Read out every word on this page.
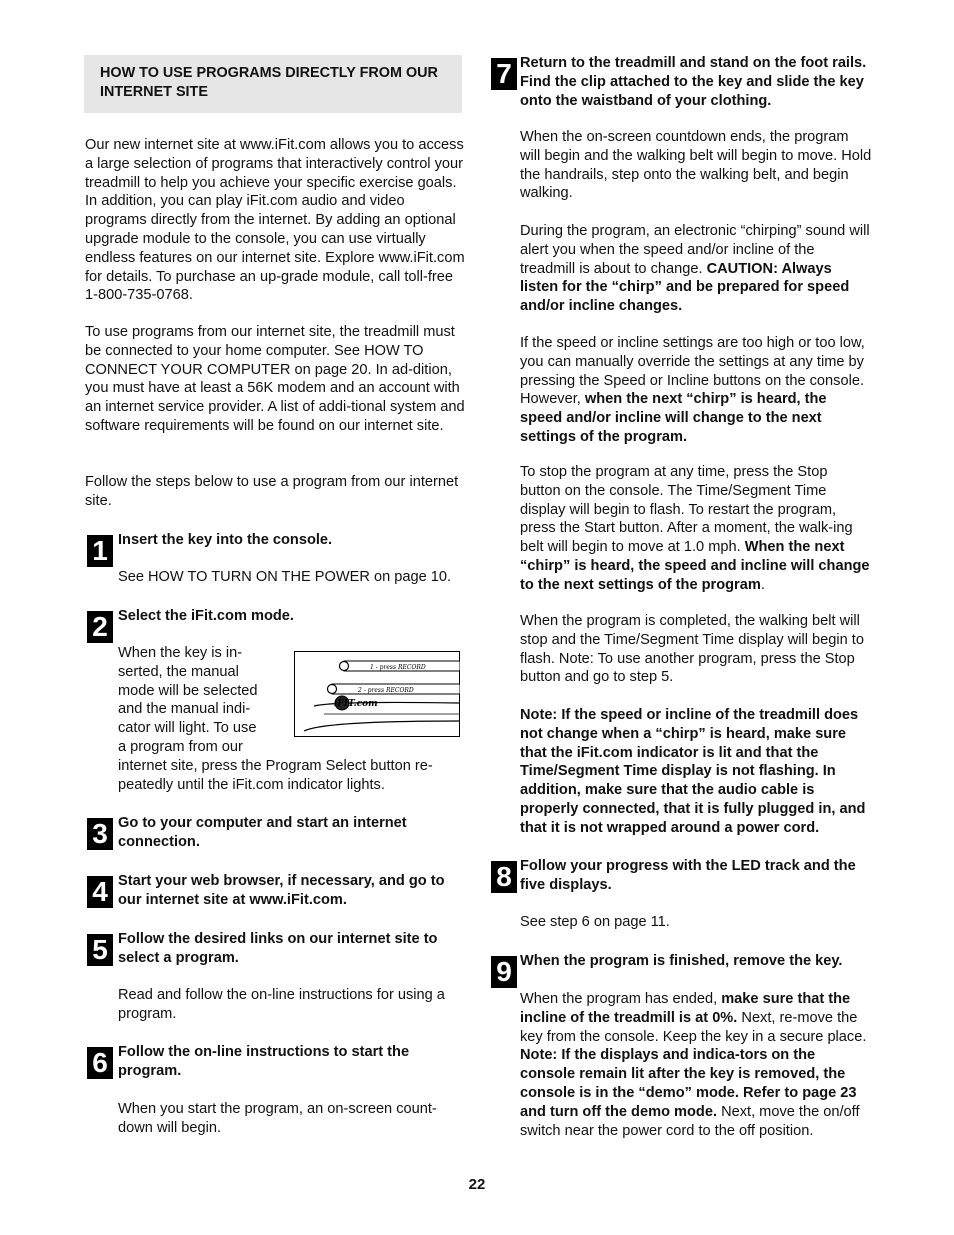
HOW TO USE PROGRAMS DIRECTLY FROM OUR INTERNET SITE

Our new internet site at www.iFit.com allows you to access a large selection of programs that interactively control your treadmill to help you achieve your specific exercise goals. In addition, you can play iFit.com audio and video programs directly from the internet. By adding an optional upgrade module to the console, you can use virtually endless features on our internet site. Explore www.iFit.com for details. To purchase an up-grade module, call toll-free 1-800-735-0768.

To use programs from our internet site, the treadmill must be connected to your home computer. See HOW TO CONNECT YOUR COMPUTER on page 20. In ad-dition, you must have at least a 56K modem and an account with an internet service provider. A list of addi-tional system and software requirements will be found on our internet site.

Follow the steps below to use a program from our internet site.

1 Insert the key into the console.

See HOW TO TURN ON THE POWER on page 10.

2 Select the iFit.com mode.

When the key is in-

serted, the manual

mode will be selected

and the manual indi-

cator will light. To use

a program from our

internet site, press the Program Select button re-peatedly until the iFit.com indicator lights.

1 - press RECORD
2 - press RECORD
iFIT.com
3 Go to your computer and start an internet connection.

4 Start your web browser, if necessary, and go to our internet site at www.iFit.com.

5 Follow the desired links on our internet site to select a program.

Read and follow the on-line instructions for using a program.

6 Follow the on-line instructions to start the program.

When you start the program, an on-screen count-down will begin.

7 Return to the treadmill and stand on the foot rails. Find the clip attached to the key and slide the key onto the waistband of your clothing.

When the on-screen countdown ends, the program will begin and the walking belt will begin to move. Hold the handrails, step onto the walking belt, and begin walking.

During the program, an electronic “chirping” sound will alert you when the speed and/or incline of the treadmill is about to change. CAUTION: Always listen for the “chirp” and be prepared for speed and/or incline changes.

If the speed or incline settings are too high or too low, you can manually override the settings at any time by pressing the Speed or Incline buttons on the console. However, when the next “chirp” is heard, the speed and/or incline will change to the next settings of the program.

To stop the program at any time, press the Stop button on the console. The Time/Segment Time display will begin to flash. To restart the program, press the Start button. After a moment, the walk-ing belt will begin to move at 1.0 mph. When the next “chirp” is heard, the speed and incline will change to the next settings of the program.

When the program is completed, the walking belt will stop and the Time/Segment Time display will begin to flash. Note: To use another program, press the Stop button and go to step 5.

Note: If the speed or incline of the treadmill does not change when a “chirp” is heard, make sure that the iFit.com indicator is lit and that the Time/Segment Time display is not flashing. In addition, make sure that the audio cable is properly connected, that it is fully plugged in, and that it is not wrapped around a power cord.

8 Follow your progress with the LED track and the five displays.

See step 6 on page 11.

9 When the program is finished, remove the key.

When the program has ended, make sure that the incline of the treadmill is at 0%. Next, re-move the key from the console. Keep the key in a secure place. Note: If the displays and indica-tors on the console remain lit after the key is removed, the console is in the “demo” mode. Refer to page 23 and turn off the demo mode. Next, move the on/off switch near the power cord to the off position.

22
